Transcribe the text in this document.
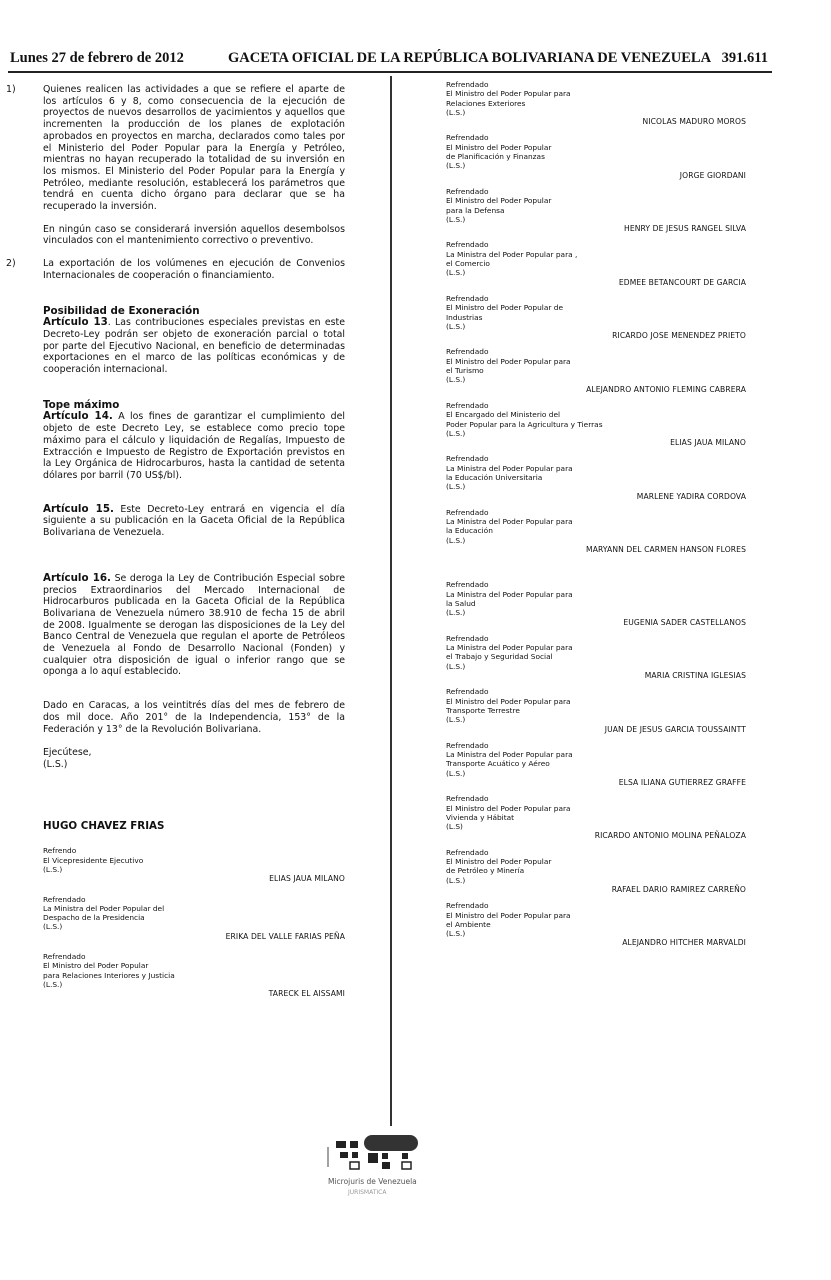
Lunes 27 de febrero de 2012	GACETA OFICIAL DE LA REPÚBLICA BOLIVARIANA DE VENEZUELA 391.611
1)	Quienes realicen las actividades a que se refiere el aparte de los artículos 6 y 8, como consecuencia de la ejecución de proyectos de nuevos desarrollos de yacimientos y aquellos que incrementen la producción de los planes de explotación aprobados en proyectos en marcha, declarados como tales por el Ministerio del Poder Popular para la Energía y Petróleo, mientras no hayan recuperado la totalidad de su inversión en los mismos. El Ministerio del Poder Popular para la Energía y Petróleo, mediante resolución, establecerá los parámetros que tendrá en cuenta dicho órgano para declarar que se ha recuperado la inversión.

En ningún caso se considerará inversión aquellos desembolsos vinculados con el mantenimiento correctivo o preventivo.

2)	La exportación de los volúmenes en ejecución de Convenios Internacionales de cooperación o financiamiento.

Posibilidad de Exoneración

Artículo 13. Las contribuciones especiales previstas en este Decreto-Ley podrán ser objeto de exoneración parcial o total por parte del Ejecutivo Nacional, en beneficio de determinadas exportaciones en el marco de las políticas económicas y de cooperación internacional.

Tope máximo

Artículo 14. A los fines de garantizar el cumplimiento del objeto de este Decreto Ley, se establece como precio tope máximo para el cálculo y liquidación de Regalías, Impuesto de Extracción e Impuesto de Registro de Exportación previstos en la Ley Orgánica de Hidrocarburos, hasta la cantidad de setenta dólares por barril (70 US$/bl).

Artículo 15. Este Decreto-Ley entrará en vigencia el día siguiente a su publicación en la Gaceta Oficial de la República Bolivariana de Venezuela.

Artículo 16. Se deroga la Ley de Contribución Especial sobre precios Extraordinarios del Mercado Internacional de Hidrocarburos publicada en la Gaceta Oficial de la República Bolivariana de Venezuela número 38.910 de fecha 15 de abril de 2008. Igualmente se derogan las disposiciones de la Ley del Banco Central de Venezuela que regulan el aporte de Petróleos de Venezuela al Fondo de Desarrollo Nacional (Fonden) y cualquier otra disposición de igual o inferior rango que se oponga a lo aquí establecido.

Dado en Caracas, a los veintitrés días del mes de febrero de dos mil doce. Año 201° de la Independencia, 153° de la Federación y 13° de la Revolución Bolivariana.

Ejecútese,

(L.S.)

HUGO CHAVEZ FRIAS

Refrendo
El Vicepresidente Ejecutivo
(L.S.)
ELIAS JAUA MILANO
Refrendado
La Ministra del Poder Popular del
Despacho de la Presidencia
(L.S.)
ERIKA DEL VALLE FARIAS PEÑA
Refrendado
El Ministro del Poder Popular
para Relaciones Interiores y Justicia
(L.S.)
TARECK EL AISSAMI
Refrendado
El Ministro del Poder Popular para
Relaciones Exteriores
(L.S.)
NICOLAS MADURO MOROS
Refrendado
El Ministro del Poder Popular
de Planificación y Finanzas
(L.S.)
JORGE GIORDANI
Refrendado
El Ministro del Poder Popular
para la Defensa
(L.S.)
HENRY DE JESUS RANGEL SILVA
Refrendado
La Ministra del Poder Popular para ,
el Comercio
(L.S.)
EDMEE BETANCOURT DE GARCIA
Refrendado
El Ministro del Poder Popular de
Industrias
(L.S.)
RICARDO JOSE MENENDEZ PRIETO
Refrendado
El Ministro del Poder Popular para
el Turismo
(L.S.)
ALEJANDRO ANTONIO FLEMING CABRERA
Refrendado
El Encargado del Ministerio del
Poder Popular para la Agricultura y Tierras
(L.S.)
ELIAS JAUA MILANO
Refrendado
La Ministra del Poder Popular para
la Educación Universitaria
(L.S.)
MARLENE YADIRA CORDOVA
Refrendado
La Ministra del Poder Popular para
la Educación
(L.S.)
MARYANN DEL CARMEN HANSON FLORES
Refrendado
La Ministra del Poder Popular para
la Salud
(L.S.)
EUGENIA SADER CASTELLANOS
Refrendado
La Ministra del Poder Popular para
el Trabajo y Seguridad Social
(L.S.)
MARIA CRISTINA IGLESIAS
Refrendado
El Ministro del Poder Popular para
Transporte Terrestre
(L.S.)
JUAN DE JESUS GARCIA TOUSSAINTT
Refrendado
La Ministra del Poder Popular para
Transporte Acuático y Aéreo
(L.S.)
ELSA ILIANA GUTIERREZ GRAFFE
Refrendado
El Ministro del Poder Popular para
Vivienda y Hábitat
(L.S)
RICARDO ANTONIO MOLINA PEÑALOZA
Refrendado
El Ministro del Poder Popular
de Petróleo y Minería
(L.S.)
RAFAEL DARIO RAMIREZ CARREÑO
Refrendado
El Ministro del Poder Popular para
el Ambiente
(L.S.)
ALEJANDRO HITCHER MARVALDI
Microjuris de Venezuela
JURISMATICA
